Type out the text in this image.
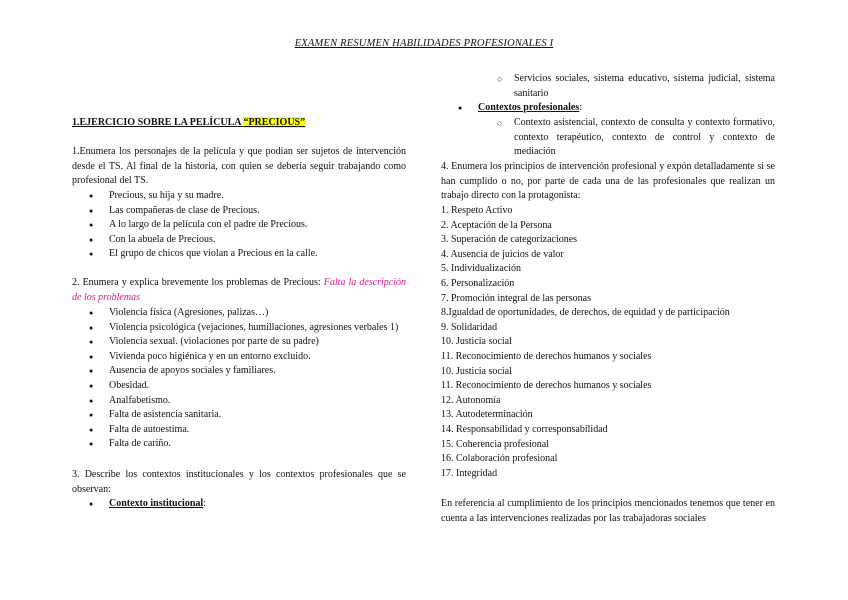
EXAMEN RESUMEN HABILIDADES PROFESIONALES I
1.EJERCICIO SOBRE LA PELÍCULA “PRECIOUS”
1.Enumera los personajes de la película y que podían ser sujetos de intervención desde el TS. Al final de la historia, con quien se debería seguir trabajando como profesional del TS.
● Precious, su hija y su madre.
● Las compañeras de clase de Precious.
● A lo largo de la película con el padre de Precious.
● Con la abuela de Precious.
● El grupo de chicos que violan a Precious en la calle.
2. Enumera y explica brevemente los problemas de Precious: Falta la descripción de los problemas
● Violencia física (Agresiones, palizas…)
● Violencia psicológica (vejaciones, humillaciones, agresiones verbales 1)
● Violencia sexual. (violaciones por parte de su padre)
● Vivienda poco higiénica y en un entorno excluido.
● Ausencia de apoyos sociales y familiares.
● Obesidad.
● Analfabetismo.
● Falta de asistencia sanitaria.
● Falta de autoestima.
● Falta de cariño.
3. Describe los contextos institucionales y los contextos profesionales que se observan:
● Contexto institucional:
○ Servicios sociales, sistema educativo, sistema judicial, sistema sanitario
● Contextos profesionales:
○ Contexto asistencial, contexto de consulta y contexto formativo, contexto terapéutico, contexto de control y contexto de mediación
4. Enumera los principios de intervención profesional y expón detalladamente si se han cumplido o no, por parte de cada una de las profesionales que realizan un trabajo directo con la protagonista:
1. Respeto Activo
2. Aceptación de la Persona
3. Superación de categorizaciones
4. Ausencia de juicios de valor
5. Individualización
6. Personalización
7. Promoción integral de las personas
8.Igualdad de oportunidades, de derechos, de equidad y de participación
9. Solidaridad
10. Justicia social
11. Reconocimiento de derechos humanos y sociales
10. Justicia social
11. Reconocimiento de derechos humanos y sociales
12. Autonomía
13. Autodeterminación
14. Responsabilidad y corresponsabilidad
15. Coherencia profesional
16. Colaboración profesional
17. Integridad
En referencia al cumplimiento de los principios mencionados tenemos que tener en cuenta a las intervenciones realizadas por las trabajadoras sociales
